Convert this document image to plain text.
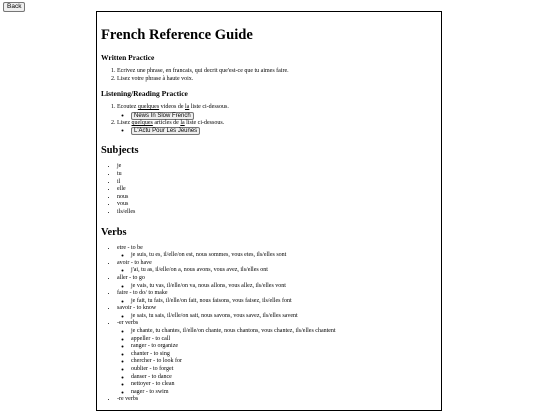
Back
French Reference Guide
Written Practice
1. Ecrivez une phrase, en francais, qui decrit que'est-ce que tu aimes faire.
2. Lisez votre phrase à haute voix.
Listening/Reading Practice
1. Ecoutez quelques videos de la liste ci-dessous.
◦ News In Slow French
2. Lisez quelques articles de la liste ci-dessous.
◦ L'Actu Pour Les Jeunes
Subjects
• je
• tu
• il
• elle
• nous
• vous
• ils/elles
Verbs
• etre - to be
◦ je suis, tu es, il/elle/on est, nous sommes, vous etes, ils/elles sont
• avoir - to have
◦ j'ai, tu as, il/elle/on a, nous avons, vous avez, ils/elles ont
• aller - to go
◦ je vais, tu vas, il/elle/on va, nous allons, vous allez, ils/elles vont
• faire - to do/ to make
◦ je fait, tu fais, il/elle/on fait, nous faisons, vous faisez, ils/elles font
• savoir - to know
◦ je sais, tu sais, il/elle/on sait, nous savons, vous savez, ils/elles savent
• -er verbs
◦ je chante, tu chantes, il/elle/on chante, nous chantons, vous chantez, ils/elles chantent
◦ appeller - to call
◦ ranger - to organize
◦ chanter - to sing
◦ chercher - to look for
◦ oublier - to forget
◦ danser - to dance
◦ nettoyer - to clean
◦ nager - to swim
• -re verbs
